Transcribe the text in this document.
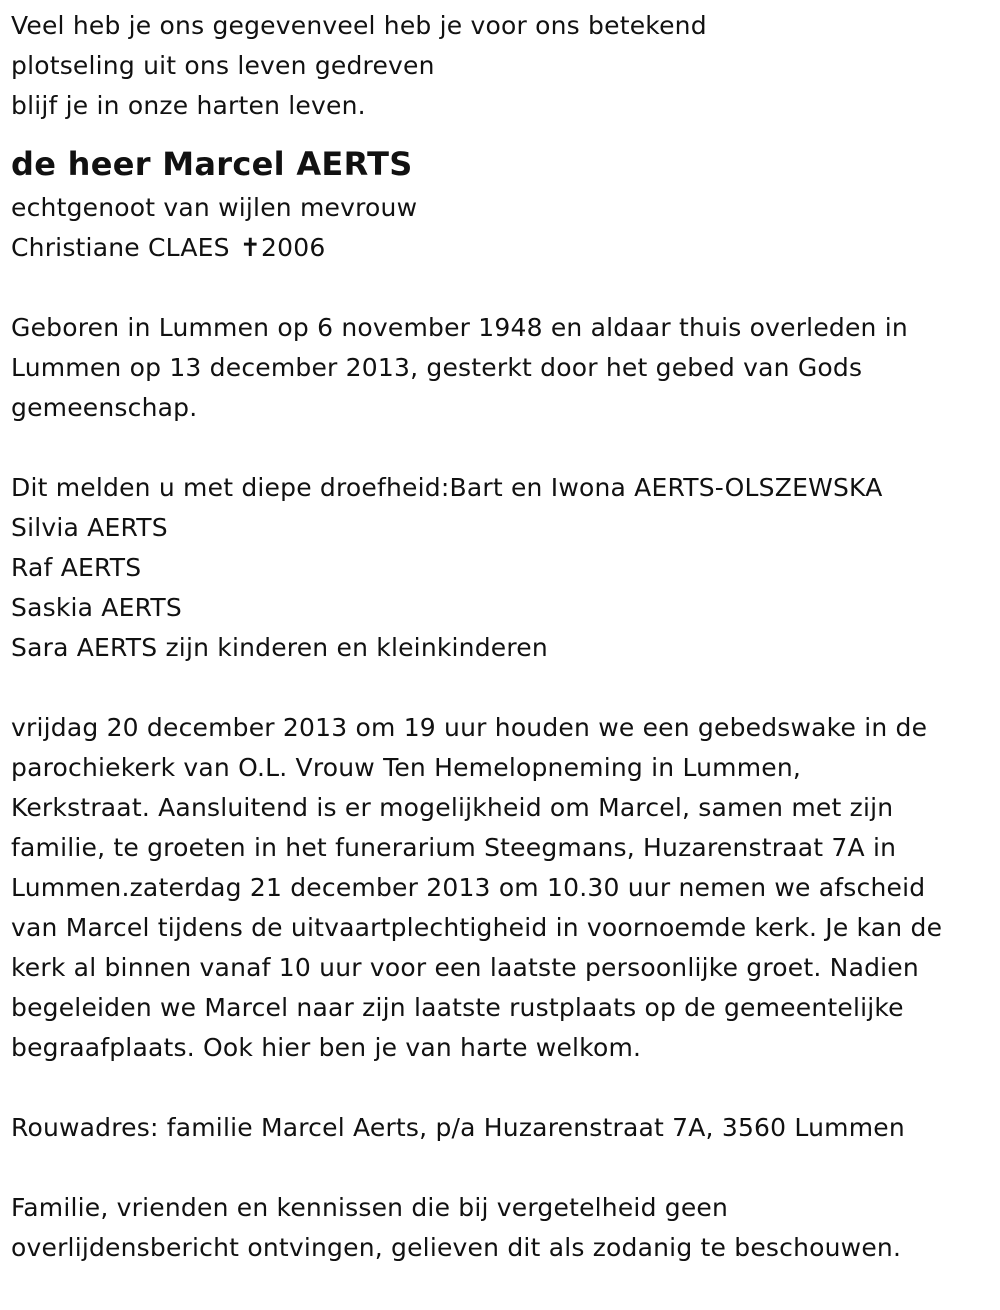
Veel heb je ons gegevenveel heb je voor ons betekend
plotseling uit ons leven gedreven
blijf je in onze harten leven.
de heer Marcel AERTS
echtgenoot van wijlen mevrouw
Christiane CLAES ✝2006
Geboren in Lummen op 6 november 1948 en aldaar thuis overleden in
Lummen op 13 december 2013, gesterkt door het gebed van Gods
gemeenschap.
Dit melden u met diepe droefheid:Bart en Iwona AERTS-OLSZEWSKA
Silvia AERTS
Raf AERTS
Saskia AERTS
Sara AERTS zijn kinderen en kleinkinderen
vrijdag 20 december 2013 om 19 uur houden we een gebedswake in de
parochiekerk van O.L. Vrouw Ten Hemelopneming in Lummen,
Kerkstraat. Aansluitend is er mogelijkheid om Marcel, samen met zijn
familie, te groeten in het funerarium Steegmans, Huzarenstraat 7A in
Lummen.zaterdag 21 december 2013 om 10.30 uur nemen we afscheid
van Marcel tijdens de uitvaartplechtigheid in voornoemde kerk. Je kan de
kerk al binnen vanaf 10 uur voor een laatste persoonlijke groet. Nadien
begeleiden we Marcel naar zijn laatste rustplaats op de gemeentelijke
begraafplaats. Ook hier ben je van harte welkom.
Rouwadres: familie Marcel Aerts, p/a Huzarenstraat 7A, 3560 Lummen
Familie, vrienden en kennissen die bij vergetelheid geen
overlijdensbericht ontvingen, gelieven dit als zodanig te beschouwen.
